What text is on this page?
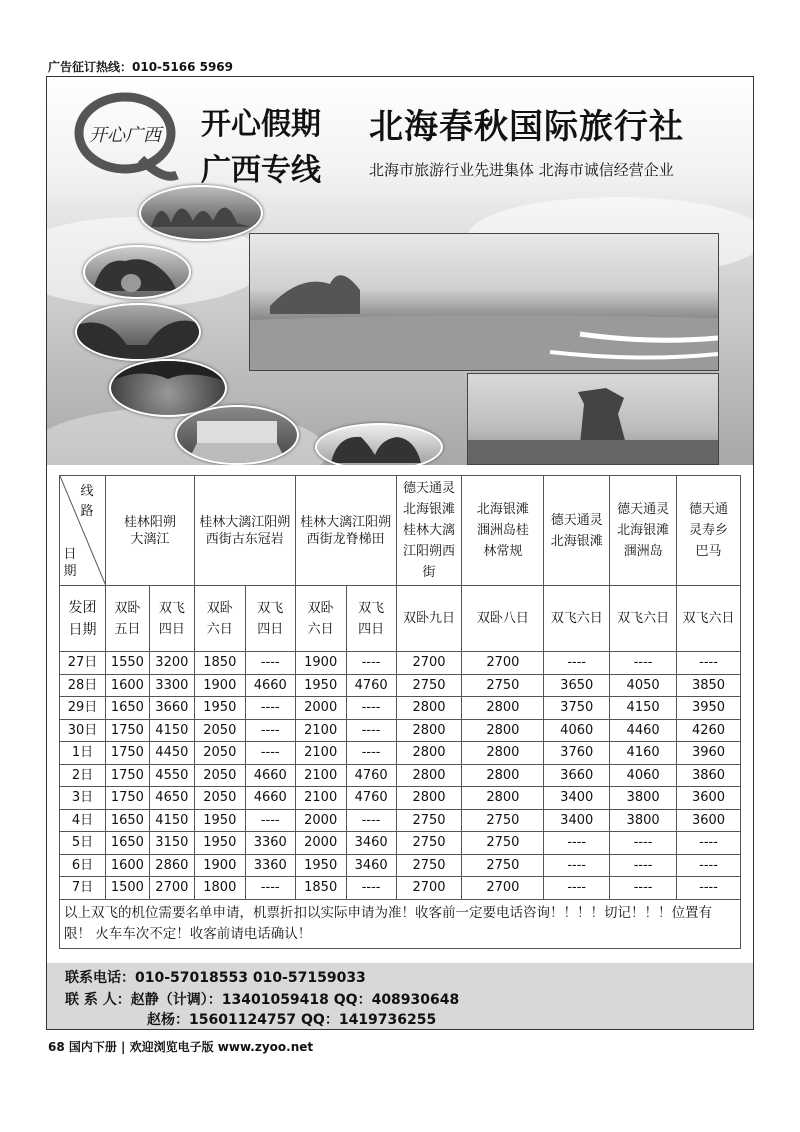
广告征订热线：010-5166 5969
开心广西 开心假期
广西专线
北海春秋国际旅行社
北海市旅游行业先进集体 北海市诚信经营企业
线路
日期	桂林阳朔大漓江		桂林大漓江阳朔西街古东冠岩		桂林大漓江阳朔西街龙脊梯田		德天通灵北海银滩桂林大漓江阳朔西街	北海银滩涠洲岛桂林常规	德天通灵北海银滩	德天通灵北海银滩涠洲岛	德天通灵寿乡巴马
发团日期	双卧五日	双飞四日	双卧六日	双飞四日	双卧六日	双飞四日	双卧九日	双卧八日	双飞六日	双飞六日	双飞六日
27日	1550	3200	1850	----	1900	----	2700	2700	----	----	----
28日	1600	3300	1900	4660	1950	4760	2750	2750	3650	4050	3850
29日	1650	3660	1950	----	2000	----	2800	2800	3750	4150	3950
30日	1750	4150	2050	----	2100	----	2800	2800	4060	4460	4260
1日	1750	4450	2050	----	2100	----	2800	2800	3760	4160	3960
2日	1750	4550	2050	4660	2100	4760	2800	2800	3660	4060	3860
3日	1750	4650	2050	4660	2100	4760	2800	2800	3400	3800	3600
4日	1650	4150	1950	----	2000	----	2750	2750	3400	3800	3600
5日	1650	3150	1950	3360	2000	3460	2750	2750	----	----	----
6日	1600	2860	1900	3360	1950	3460	2750	2750	----	----	----
7日	1500	2700	1800	----	1850	----	2700	2700	----	----	----
以上双飞的机位需要名单申请，机票折扣以实际申请为准！收客前一定要电话咨询！！！！切记！！！位置有限！ 火车车次不定！收客前请电话确认！											
联系电话：010-57018553 010-57159033
联 系 人：赵静（计调）：13401059418 QQ：408930648
赵杨：15601124757 QQ：1419736255
68 国内下册 | 欢迎浏览电子版 www.zyoo.net
